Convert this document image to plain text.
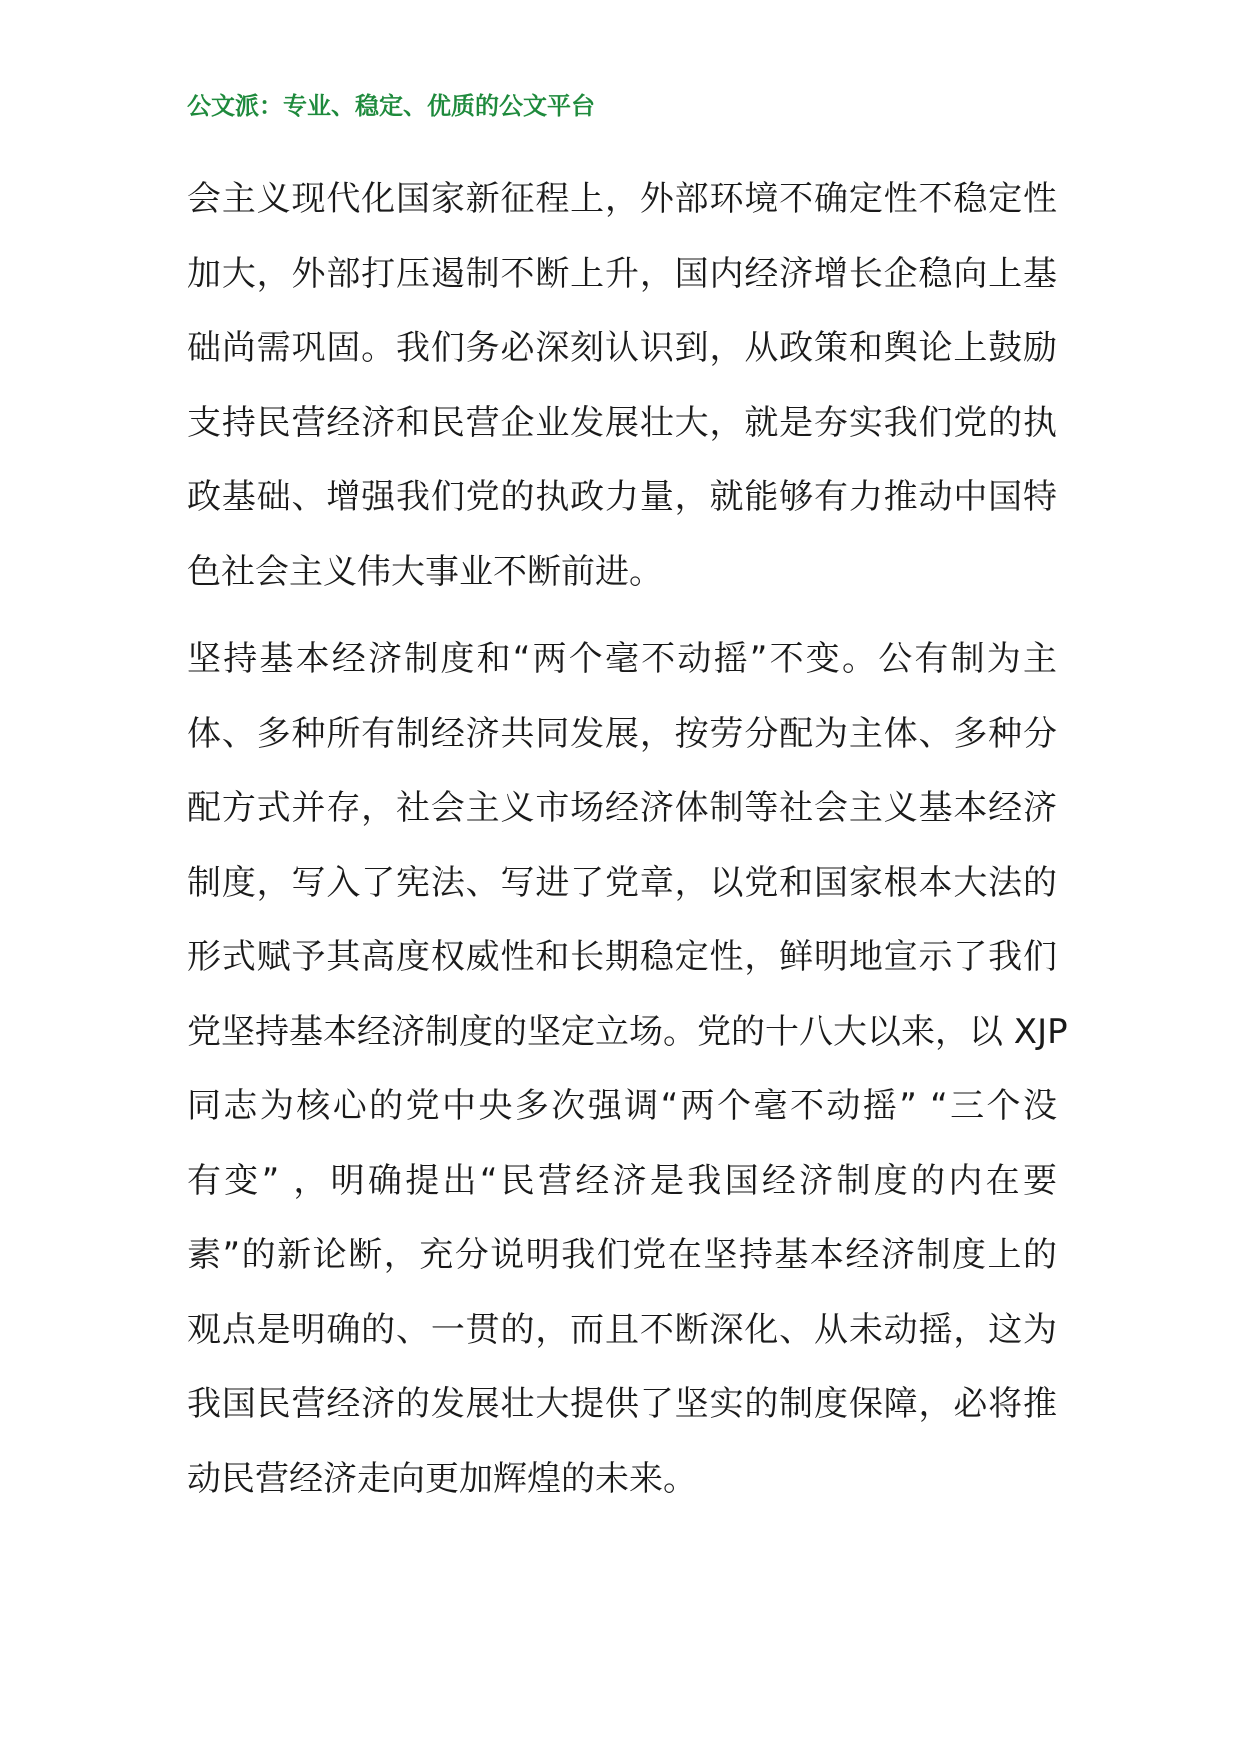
公文派：专业、稳定、优质的公文平台
会主义现代化国家新征程上，外部环境不确定性不稳定性
加大，外部打压遏制不断上升，国内经济增长企稳向上基
础尚需巩固。我们务必深刻认识到，从政策和舆论上鼓励
支持民营经济和民营企业发展壮大，就是夯实我们党的执
政基础、增强我们党的执政力量，就能够有力推动中国特
色社会主义伟大事业不断前进。
坚持基本经济制度和“两个毫不动摇”不变。公有制为主
体、多种所有制经济共同发展，按劳分配为主体、多种分
配方式并存，社会主义市场经济体制等社会主义基本经济
制度，写入了宪法、写进了党章，以党和国家根本大法的
形式赋予其高度权威性和长期稳定性，鲜明地宣示了我们
党坚持基本经济制度的坚定立场。党的十八大以来，以 XJP
同志为核心的党中央多次强调“两个毫不动摇” “三个没
有变” ，明确提出“民营经济是我国经济制度的内在要
素”的新论断，充分说明我们党在坚持基本经济制度上的
观点是明确的、一贯的，而且不断深化、从未动摇，这为
我国民营经济的发展壮大提供了坚实的制度保障，必将推
动民营经济走向更加辉煌的未来。
